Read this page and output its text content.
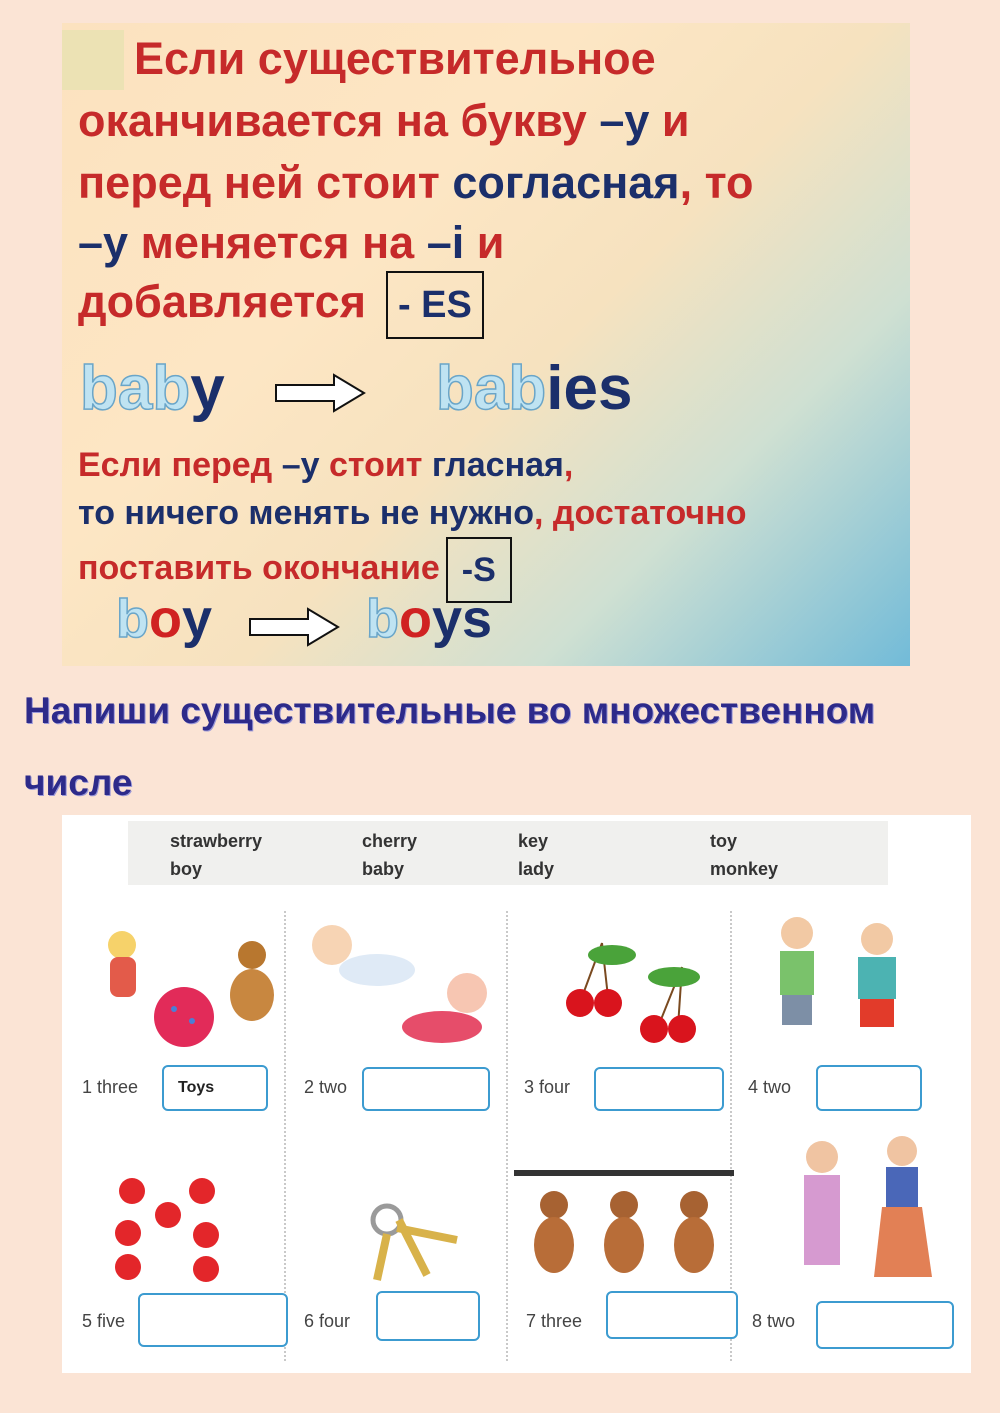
Если существительное
оканчивается на букву –у и
перед ней стоит согласная, то
–у меняется на –i и
добавляется - ES
baby	babies
Если перед –у стоит гласная,
то ничего менять не нужно, достаточно
поставить окончание -S
boy	boys
Напиши существительные во множественном
числе
strawberry	cherry	key	toy
boy	baby	lady	monkey
1 three	Toys	2 two	3 four	4 two
5 five	6 four	7 three	8 two
